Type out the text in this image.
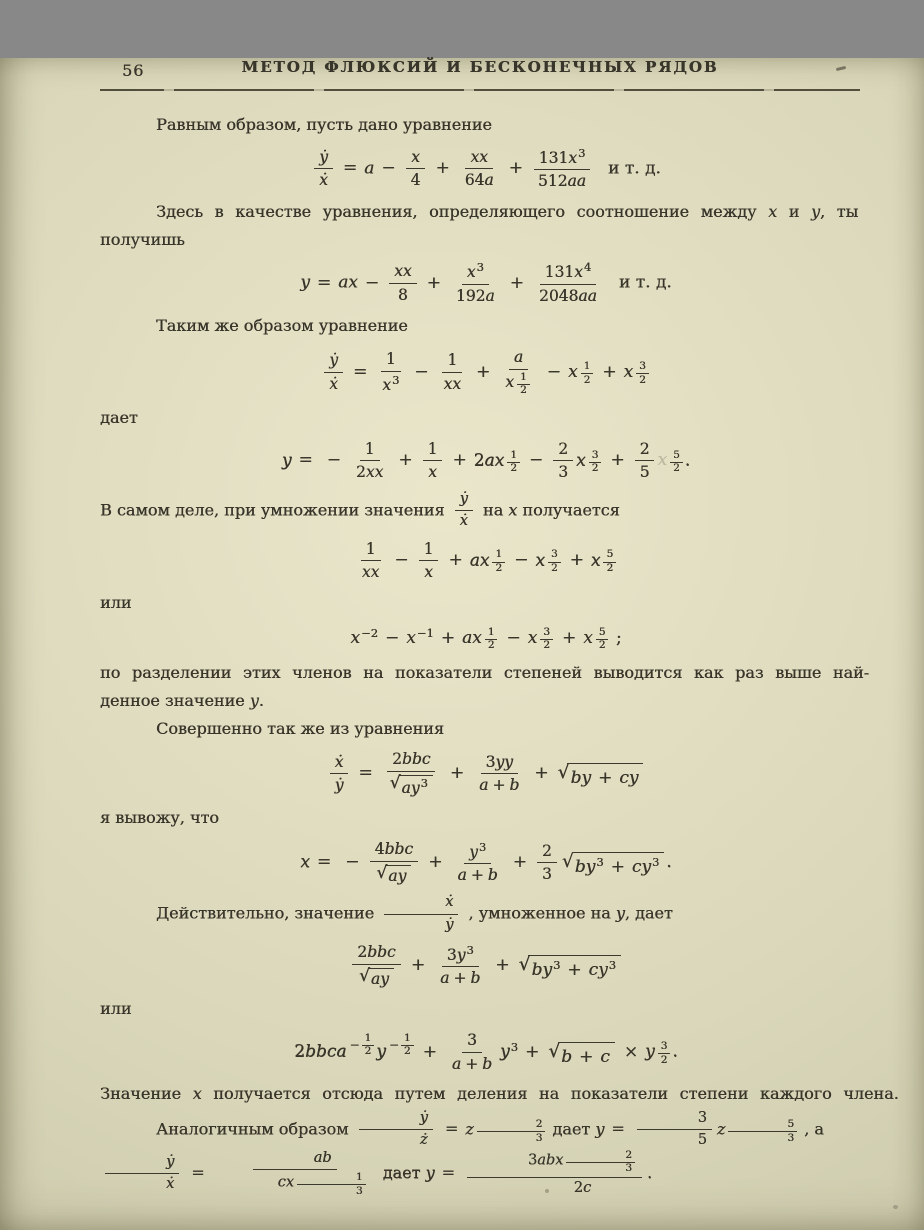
56	МЕТОД ФЛЮКСИЙ И БЕСКОНЕЧНЫХ РЯДОВ
Равным образом, пусть дано уравнение
$\frac{\text{ẏ}}{\text{ẋ}} = a - \frac{x}{4} + \frac{xx}{64a} + \frac{131x^3}{512aa}$ и т. д.
Здесь в качестве уравнения, определяющего соотношение между x и y, ты
получишь
y = ax − $\frac{xx}{8} + \frac{x^3}{192a} + \frac{131x^4}{2048aa}$ и т. д.
Таким же образом уравнение
$\frac{\text{ẏ}}{\text{ẋ}} = \frac{1}{x^3} - \frac{1}{xx} + \frac{a}{x \frac{1}{2}} - x \frac{1}{2} + x \frac{3}{2}$
дает
y = − $\frac{1}{2xx} + \frac{1}{x} + 2ax \frac{1}{2} - \frac{2}{3}$ x $\frac{3}{2} + \frac{2}{5}$ x $\frac{5}{2}$ .
В самом деле, при умножении значения $\frac{\text{ẏ}}{\text{ẋ}}$ на x получается
$\frac{1}{xx} - \frac{1}{x}$ + ax $\frac{1}{2} - x \frac{3}{2} + x \frac{5}{2}$
или
$x^{-2} - x^{-1}$ + ax $\frac{1}{2} - x \frac{3}{2} + x \frac{5}{2}$ ;
по разделении этих членов на показатели степеней выводится как раз выше най-
денное значение y.
Совершенно так же из уравнения
$\frac{\text{ẋ}}{\text{ẏ}} = \frac{\text{2bbc}}{√ ay^3} + \frac{3yy}{a + b}$ + √ by + cy
я вывожу, что
x = − $\frac{\text{4bbc}}{√ ay} + \frac{y^3}{a + b} + \frac{2}{3}$ √ $by^3 + cy^3$ .
Действительно, значение $\frac{\text{ẋ}}{\text{ẏ}}$ , умноженное на y, дает
$\frac{\text{2bbc}}{√ ay} + \frac{3y^3}{a + b}$ + √ $by^3 + cy^3$
или
2bbca − $\frac{1}{2}$ $y - \frac{1}{2} + \frac{3}{a + b} y^3$ + √ b + c × y $\frac{3}{2}$ .
Значение x получается отсюда путем деления на показатели степени каждого члена.
Аналогичным образом $\frac{\text{ẏ}}{ż} = z \frac{2}{3}$ дает $y = \frac{3}{5}$ z $\frac{5}{3}$ , а
$\frac{\text{ẏ}}{\text{ẋ}} = \frac{ab}{cx \frac{1}{3}}$ дает $y = \frac{3abx \frac{2}{3}}{2c}$ .
